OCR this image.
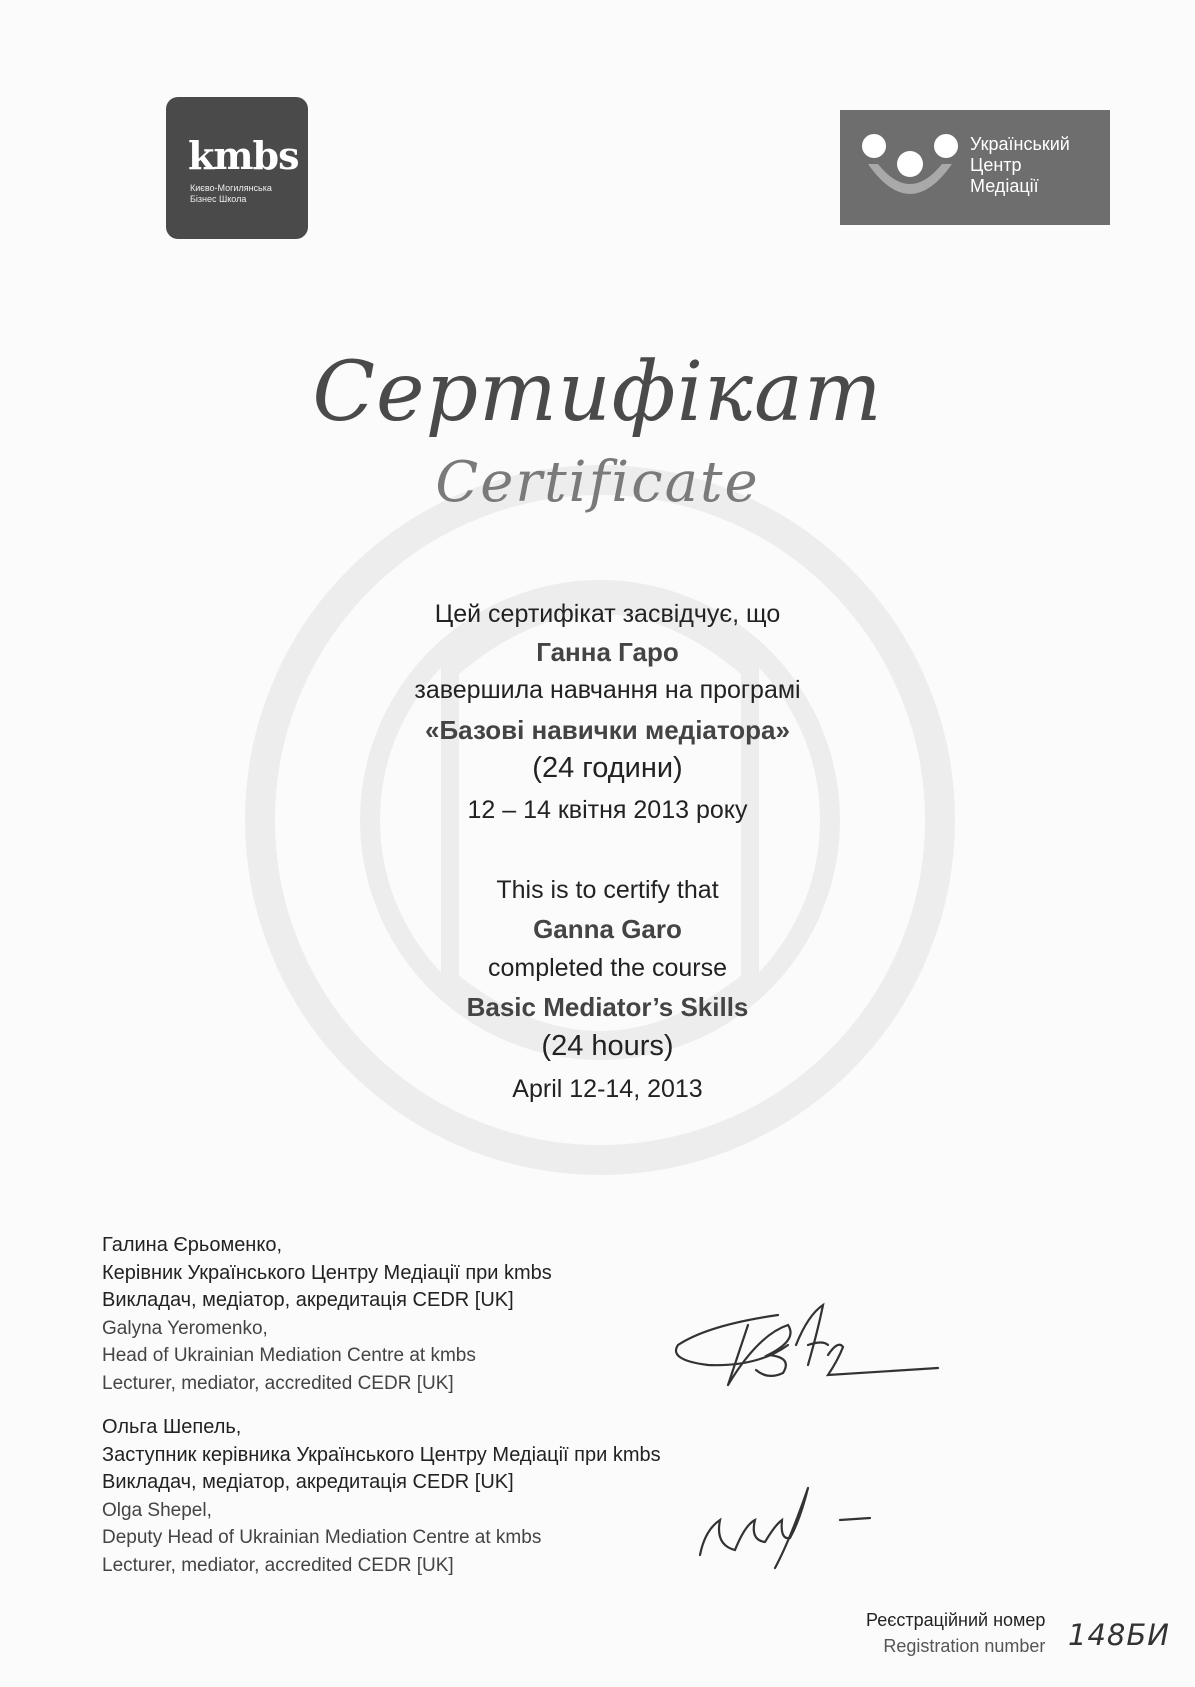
kmbs
Києво-Могилянська
Бізнес Школа
Український
Центр
Медіації
Сертифікат
Certificate
Цей сертифікат засвідчує, що
Ганна Гаро
завершила навчання на програмі
«Базові навички медіатора»
(24 години)
12 – 14 квітня 2013 року
This is to certify that
Ganna Garo
completed the course
Basic Mediator’s Skills
(24 hours)
April 12-14, 2013
Галина Єрьоменко,
Керівник Українського Центру Медіації при kmbs
Викладач, медіатор, акредитація CEDR [UK]
Galyna Yeromenko,
Head of Ukrainian Mediation Centre at kmbs
Lecturer, mediator, accredited CEDR [UK]
Ольга Шепель,
Заступник керівника Українського Центру Медіації при kmbs
Викладач, медіатор, акредитація CEDR [UK]
Olga Shepel,
Deputy Head of Ukrainian Mediation Centre at kmbs
Lecturer, mediator, accredited CEDR [UK]
Реєстраційний номер
Registration number 148БИ
